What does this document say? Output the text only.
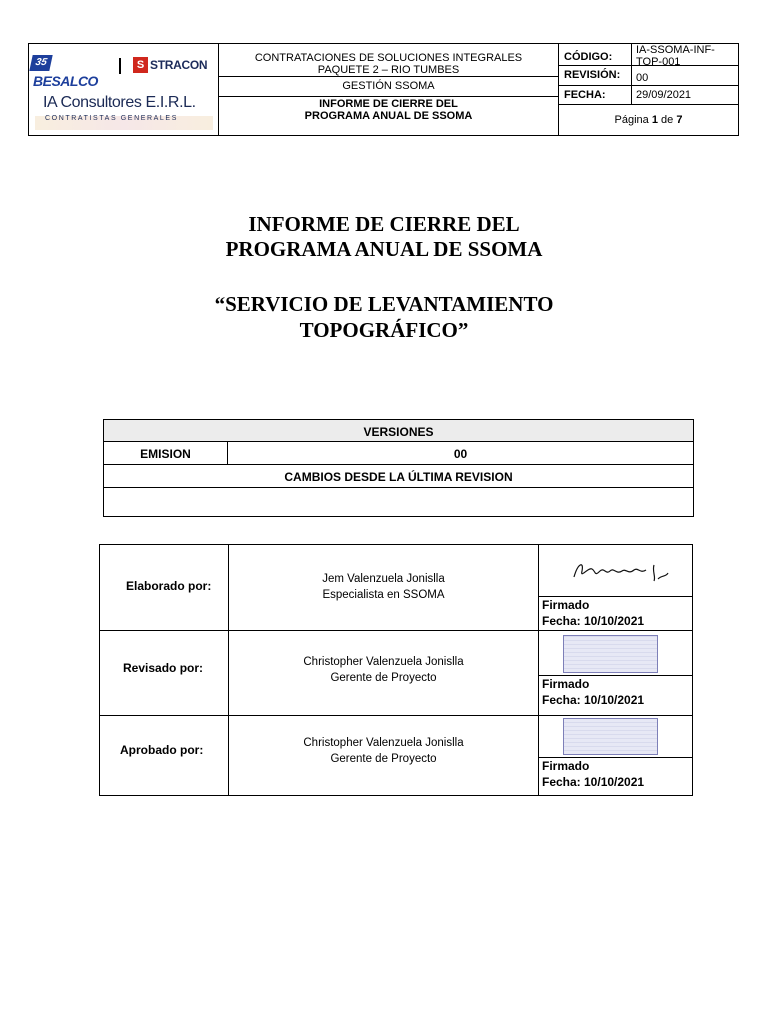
35BESALCO
S STRACON
IA Consultores E.I.R.L.
CONTRATISTAS GENERALES
CONTRATACIONES DE SOLUCIONES INTEGRALES
PAQUETE 2 – RIO TUMBES
GESTIÓN SSOMA
INFORME DE CIERRE DEL
PROGRAMA ANUAL DE SSOMA
CÓDIGO:
IA-SSOMA-INF-TOP-001
REVISIÓN:	00
FECHA:	29/09/2021
Página 1 de 7
INFORME DE CIERRE DEL
PROGRAMA ANUAL DE SSOMA
“SERVICIO DE LEVANTAMIENTO
TOPOGRÁFICO”
VERSIONES
EMISION	00
CAMBIOS DESDE LA ÚLTIMA REVISION
Elaborado por:	Jem Valenzuela Jonislla
Especialista en SSOMA
Valenzuela J.
Firmado
Fecha: 10/10/2021
Revisado por:	Christopher Valenzuela Jonislla
Gerente de Proyecto	Firmado
Fecha: 10/10/2021
Aprobado por:	Christopher Valenzuela Jonislla
Gerente de Proyecto	Firmado
Fecha: 10/10/2021
